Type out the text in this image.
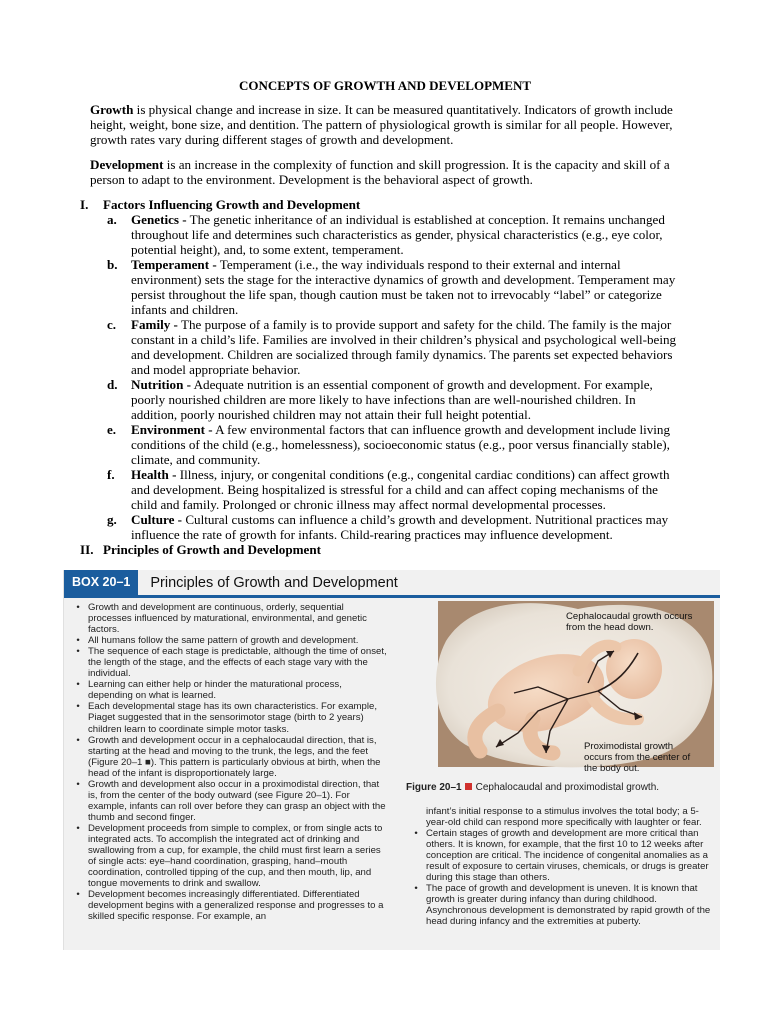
CONCEPTS OF GROWTH AND DEVELOPMENT

Growth is physical change and increase in size. It can be measured quantitatively. Indicators of growth include height, weight, bone size, and dentition. The pattern of physiological growth is similar for all people. However, growth rates vary during different stages of growth and development.

Development is an increase in the complexity of function and skill progression. It is the capacity and skill of a person to adapt to the environment. Development is the behavioral aspect of growth.

I.	Factors Influencing Growth and Development
a.	Genetics - The genetic inheritance of an individual is established at conception. It remains unchanged throughout life and determines such characteristics as gender, physical characteristics (e.g., eye color, potential height), and, to some extent, temperament.
b.	Temperament - Temperament (i.e., the way individuals respond to their external and internal environment) sets the stage for the interactive dynamics of growth and development. Temperament may persist throughout the life span, though caution must be taken not to irrevocably “label” or categorize infants and children.
c.	Family - The purpose of a family is to provide support and safety for the child. The family is the major constant in a child’s life. Families are involved in their children’s physical and psychological well-being and development. Children are socialized through family dynamics. The parents set expected behaviors and model appropriate behavior.
d.	Nutrition - Adequate nutrition is an essential component of growth and development. For example, poorly nourished children are more likely to have infections than are well-nourished children. In addition, poorly nourished children may not attain their full height potential.
e.	Environment - A few environmental factors that can influence growth and development include living conditions of the child (e.g., homelessness), socioeconomic status (e.g., poor versus financially stable), climate, and community.
f.	Health - Illness, injury, or congenital conditions (e.g., congenital cardiac conditions) can affect growth and development. Being hospitalized is stressful for a child and can affect coping mechanisms of the child and family. Prolonged or chronic illness may affect normal developmental processes.
g.	Culture - Cultural customs can influence a child’s growth and development. Nutritional practices may influence the rate of growth for infants. Child-rearing practices may influence development.
II. Principles of Growth and Development
BOX 20–1	Principles of Growth and Development
• Growth and development are continuous, orderly, sequential processes influenced by maturational, environmental, and genetic factors.
• All humans follow the same pattern of growth and development.
• The sequence of each stage is predictable, although the time of onset, the length of the stage, and the effects of each stage vary with the individual.
• Learning can either help or hinder the maturational process, depending on what is learned.
• Each developmental stage has its own characteristics. For example, Piaget suggested that in the sensorimotor stage (birth to 2 years) children learn to coordinate simple motor tasks.
• Growth and development occur in a cephalocaudal direction, that is, starting at the head and moving to the trunk, the legs, and the feet (Figure 20–1 ■). This pattern is particularly obvious at birth, when the head of the infant is disproportionately large.
• Growth and development also occur in a proximodistal direction, that is, from the center of the body outward (see Figure 20–1). For example, infants can roll over before they can grasp an object with the thumb and second finger.
• Development proceeds from simple to complex, or from single acts to integrated acts. To accomplish the integrated act of drinking and swallowing from a cup, for example, the child must first learn a series of single acts: eye–hand coordination, grasping, hand–mouth coordination, controlled tipping of the cup, and then mouth, lip, and tongue movements to drink and swallow.
• Development becomes increasingly differentiated. Differentiated development begins with a generalized response and progresses to a skilled specific response. For example, an
Cephalocaudal growth occurs from the head down.
Proximodistal growth occurs from the center of the body out.
Figure 20–1 Cephalocaudal and proximodistal growth.
infant’s initial response to a stimulus involves the total body; a 5-year-old child can respond more specifically with laughter or fear.
• Certain stages of growth and development are more critical than others. It is known, for example, that the first 10 to 12 weeks after conception are critical. The incidence of congenital anomalies as a result of exposure to certain viruses, chemicals, or drugs is greater during this stage than others.
• The pace of growth and development is uneven. It is known that growth is greater during infancy than during childhood. Asynchronous development is demonstrated by rapid growth of the head during infancy and the extremities at puberty.
